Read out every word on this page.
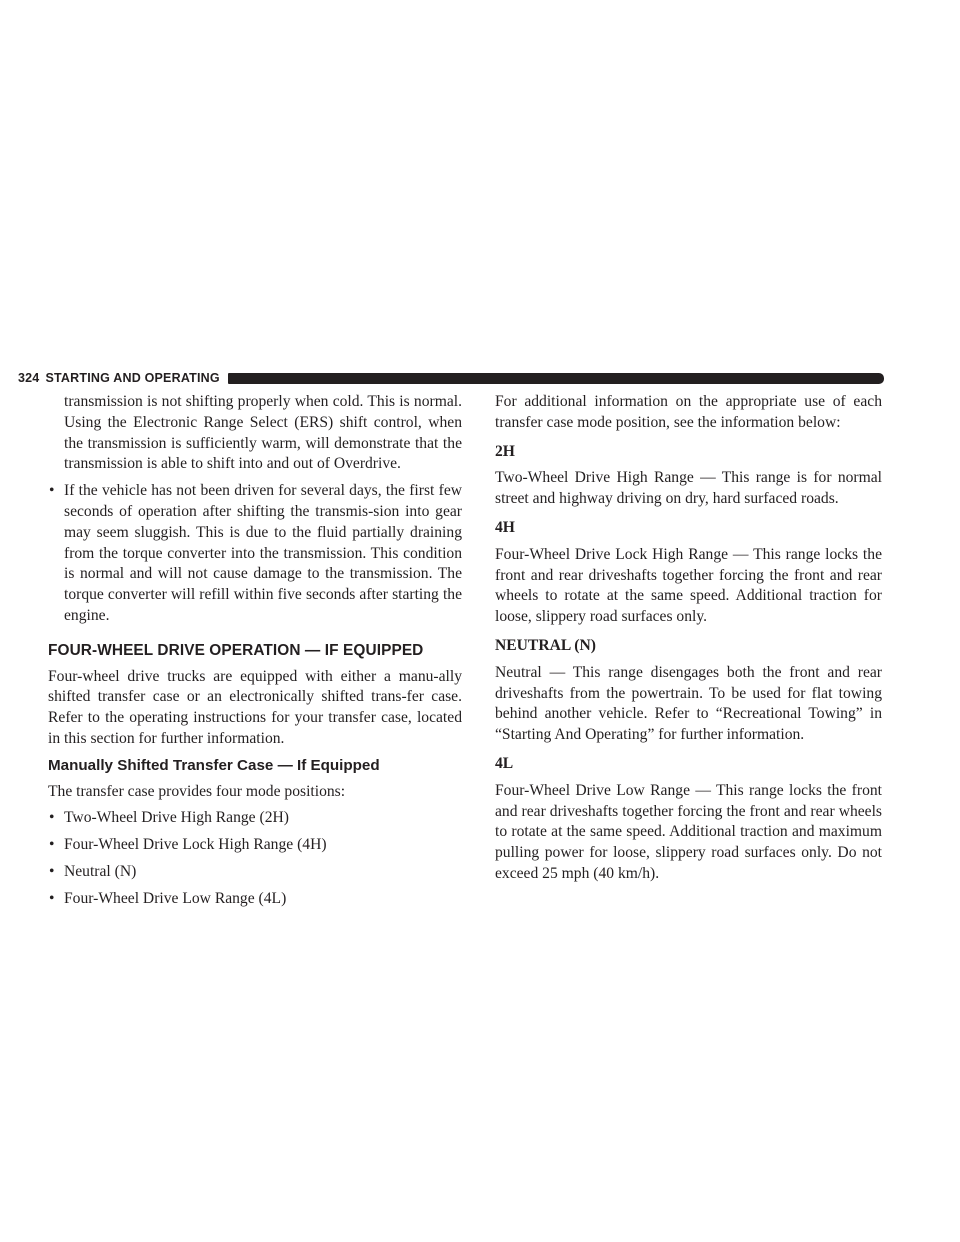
324 STARTING AND OPERATING

transmission is not shifting properly when cold. This is normal. Using the Electronic Range Select (ERS) shift control, when the transmission is sufficiently warm, will demonstrate that the transmission is able to shift into and out of Overdrive.

• If the vehicle has not been driven for several days, the first few seconds of operation after shifting the transmis-sion into gear may seem sluggish. This is due to the fluid partially draining from the torque converter into the transmission. This condition is normal and will not cause damage to the transmission. The torque converter will refill within five seconds after starting the engine.

FOUR-WHEEL DRIVE OPERATION — IF EQUIPPED

Four-wheel drive trucks are equipped with either a manu-ally shifted transfer case or an electronically shifted trans-fer case. Refer to the operating instructions for your transfer case, located in this section for further information.

Manually Shifted Transfer Case — If Equipped

The transfer case provides four mode positions:

• Two-Wheel Drive High Range (2H)
• Four-Wheel Drive Lock High Range (4H)
• Neutral (N)
• Four-Wheel Drive Low Range (4L)

For additional information on the appropriate use of each transfer case mode position, see the information below:

2H

Two-Wheel Drive High Range — This range is for normal street and highway driving on dry, hard surfaced roads.

4H

Four-Wheel Drive Lock High Range — This range locks the front and rear driveshafts together forcing the front and rear wheels to rotate at the same speed. Additional traction for loose, slippery road surfaces only.

NEUTRAL (N)

Neutral — This range disengages both the front and rear driveshafts from the powertrain. To be used for flat towing behind another vehicle. Refer to “Recreational Towing” in “Starting And Operating” for further information.

4L

Four-Wheel Drive Low Range — This range locks the front and rear driveshafts together forcing the front and rear wheels to rotate at the same speed. Additional traction and maximum pulling power for loose, slippery road surfaces only. Do not exceed 25 mph (40 km/h).
